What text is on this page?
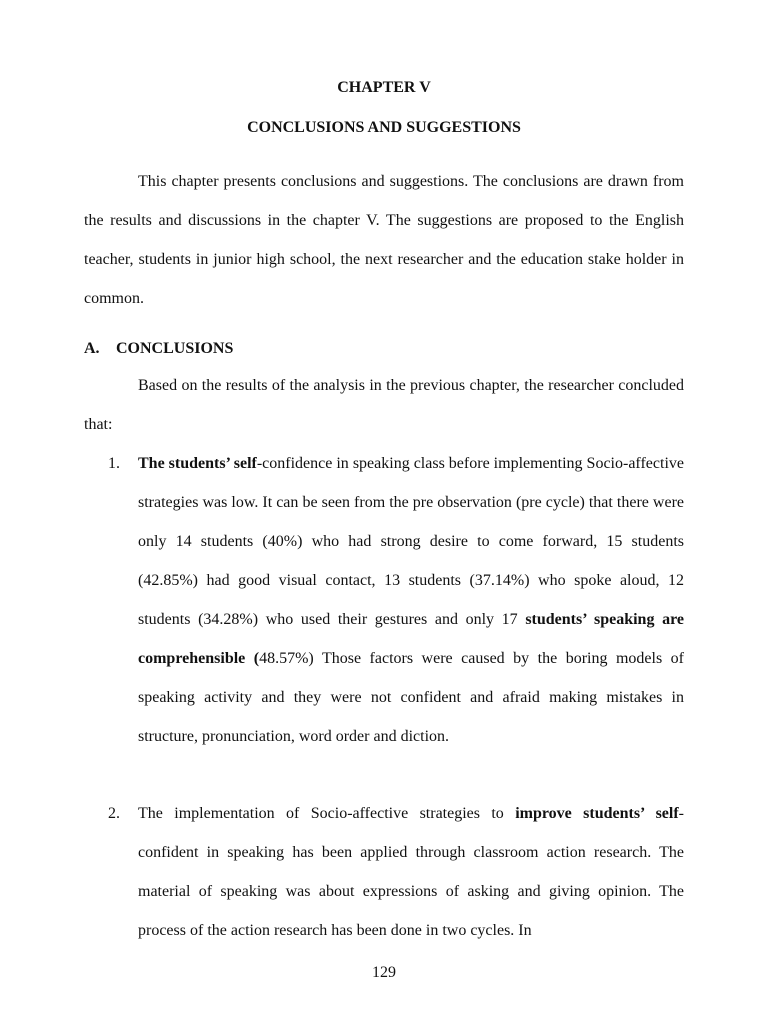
CHAPTER V
CONCLUSIONS AND SUGGESTIONS

This chapter presents conclusions and suggestions. The conclusions are drawn from the results and discussions in the chapter V. The suggestions are proposed to the English teacher, students in junior high school, the next researcher and the education stake holder in common.

A. CONCLUSIONS

Based on the results of the analysis in the previous chapter, the researcher concluded that:

1. The students’ self-confidence in speaking class before implementing Socio-affective strategies was low. It can be seen from the pre observation (pre cycle) that there were only 14 students (40%) who had strong desire to come forward, 15 students (42.85%) had good visual contact, 13 students (37.14%) who spoke aloud, 12 students (34.28%) who used their gestures and only 17 students’ speaking are comprehensible (48.57%) Those factors were caused by the boring models of speaking activity and they were not confident and afraid making mistakes in structure, pronunciation, word order and diction.
2. The implementation of Socio-affective strategies to improve students’ self-confident in speaking has been applied through classroom action research. The material of speaking was about expressions of asking and giving opinion. The process of the action research has been done in two cycles. In
129
